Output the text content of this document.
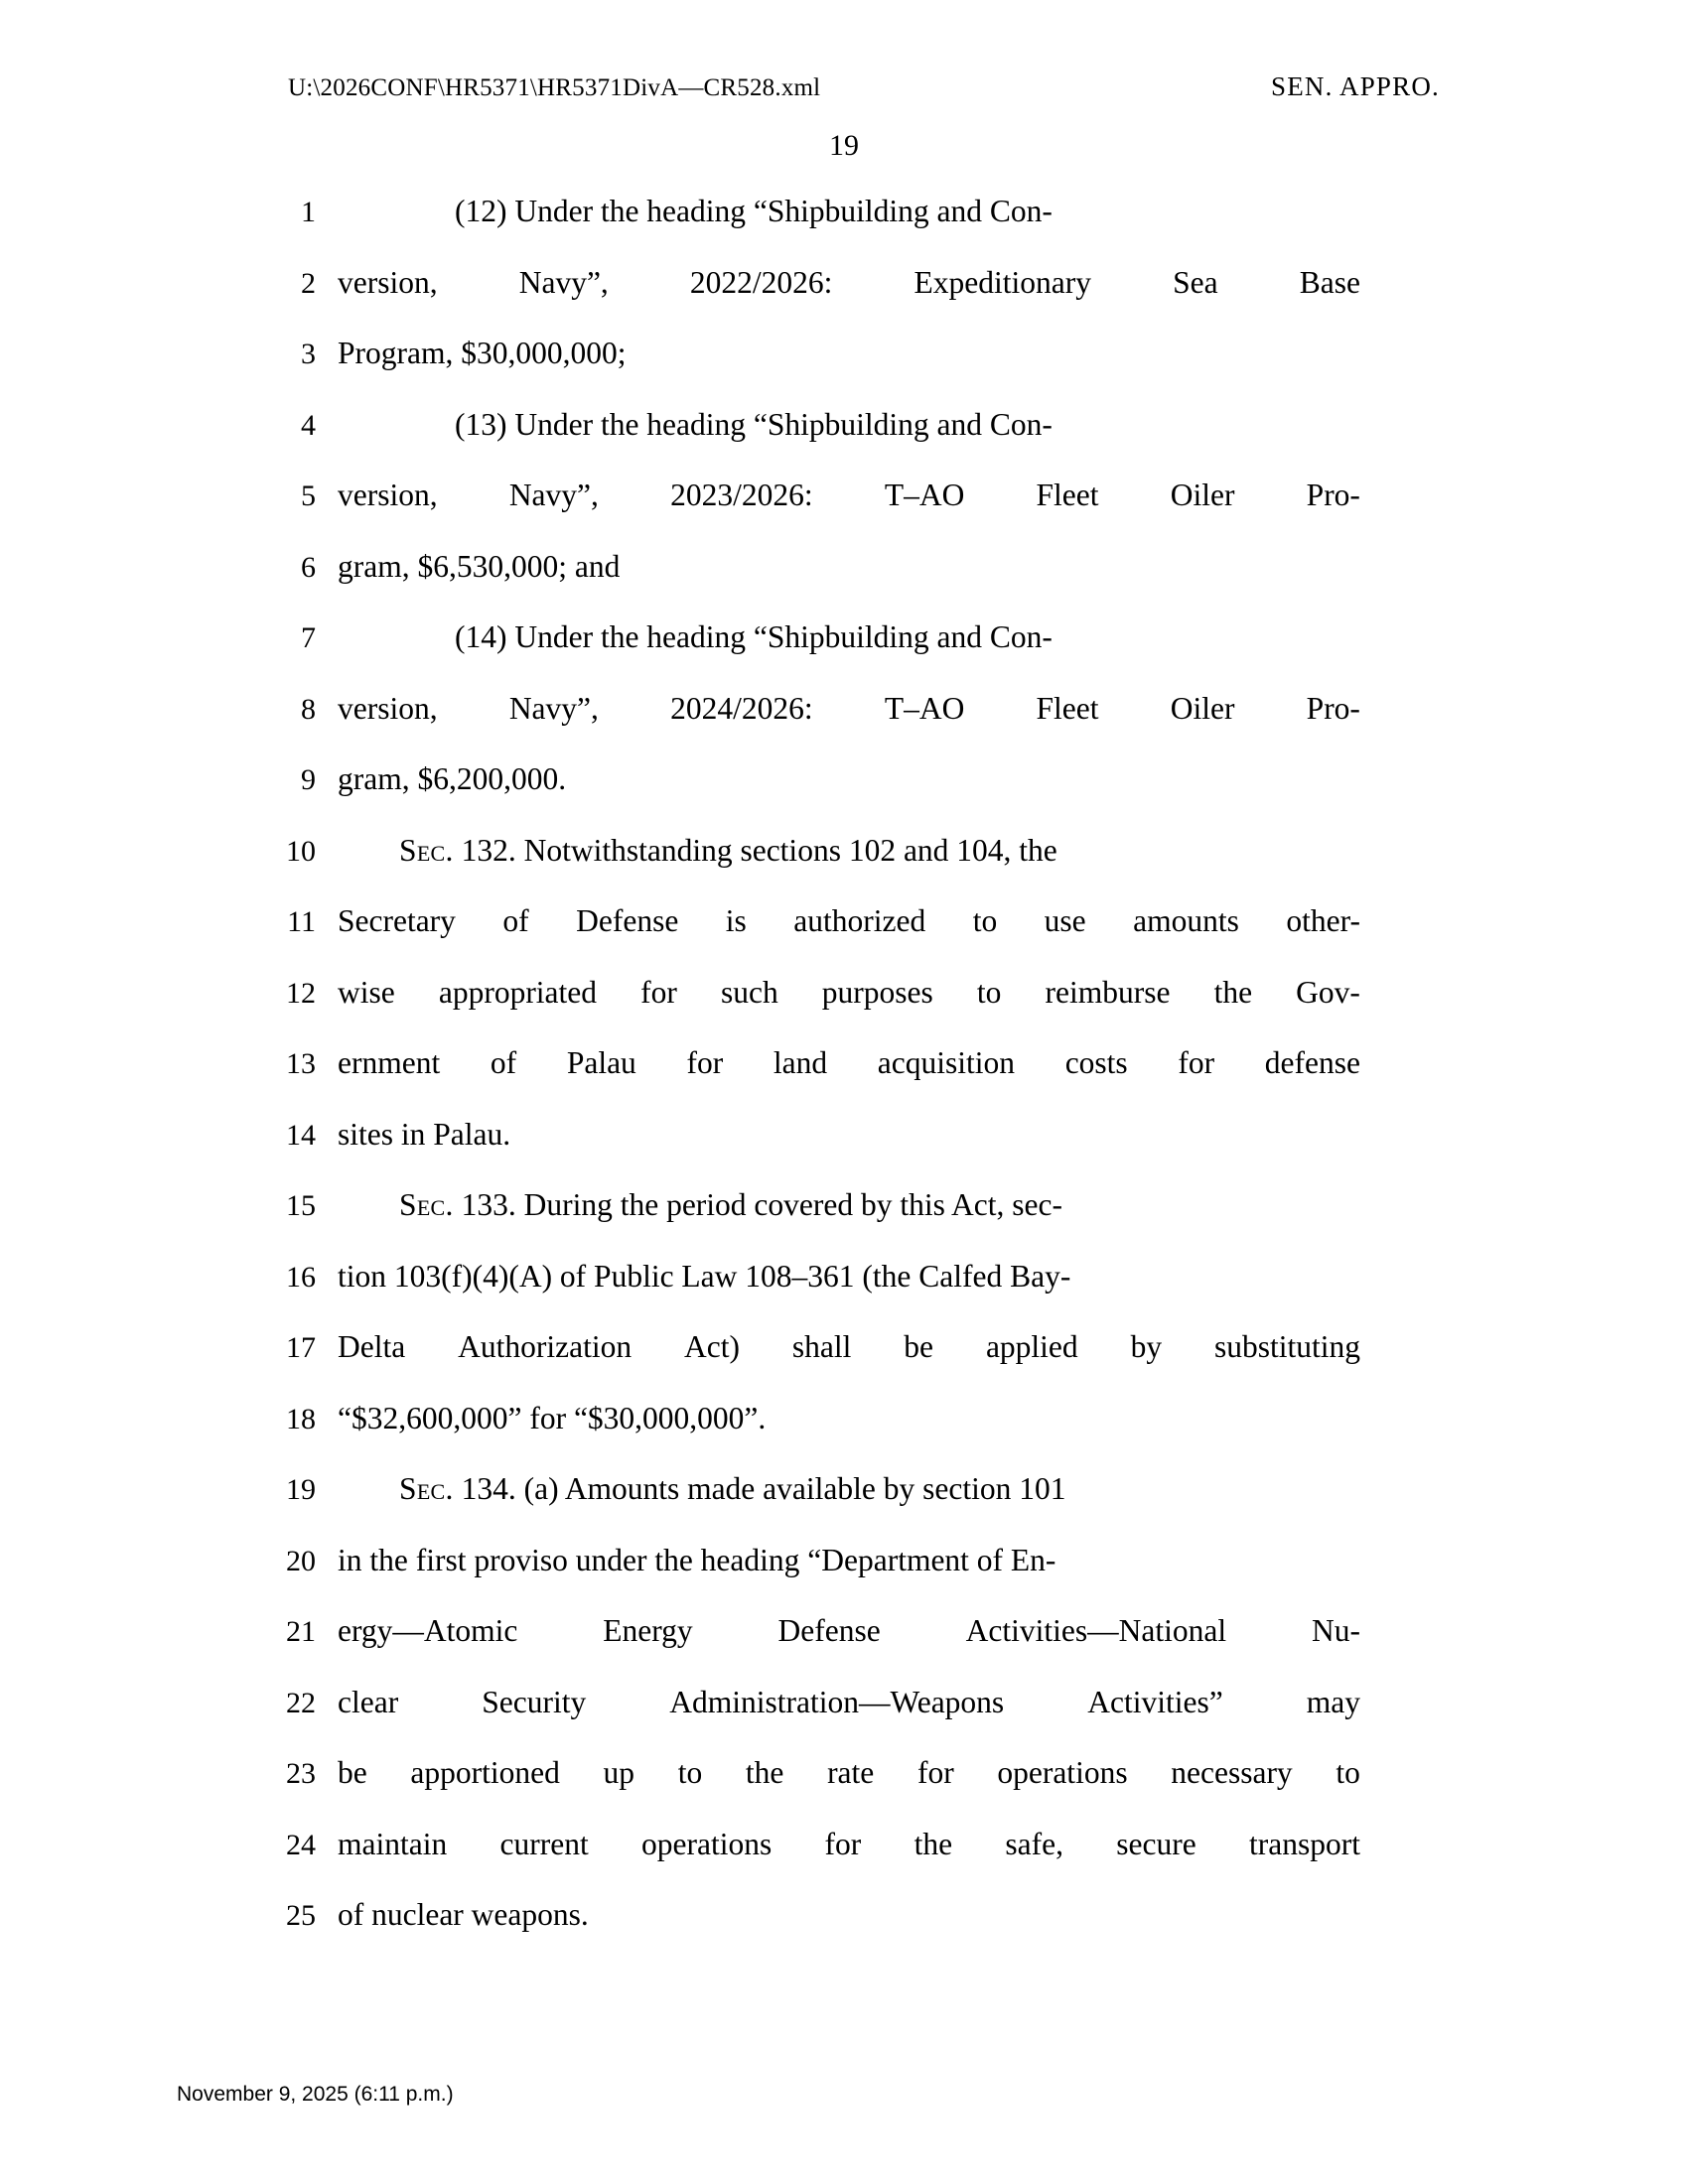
U:\2026CONF\HR5371\HR5371DivA—CR528.xml	SEN. APPRO.
19
1	(12) Under the heading “Shipbuilding and Con-
2 version,	Navy”,	2022/2026:	Expeditionary	Sea	Base
3 Program, $30,000,000;
4	(13) Under the heading “Shipbuilding and Con-
5 version, Navy”, 2023/2026: T–AO Fleet Oiler Pro-
6 gram, $6,530,000; and
7	(14) Under the heading “Shipbuilding and Con-
8 version, Navy”, 2024/2026: T–AO Fleet Oiler Pro-
9 gram, $6,200,000.
10	Sec. 132. Notwithstanding sections 102 and 104, the
11 Secretary of Defense is authorized to use amounts other-
12 wise appropriated for such purposes to reimburse the Gov-
13 ernment of Palau for land acquisition costs for defense
14 sites in Palau.
15	Sec. 133. During the period covered by this Act, sec-
16 tion 103(f)(4)(A) of Public Law 108–361 (the Calfed Bay-
17 Delta Authorization Act) shall be applied by substituting
18 “$32,600,000” for “$30,000,000”.
19	Sec. 134. (a) Amounts made available by section 101
20 in the first proviso under the heading “Department of En-
21 ergy—Atomic	Energy	Defense	Activities—National	Nu-
22 clear	Security	Administration—Weapons	Activities”	may
23 be apportioned up to the rate for operations necessary to
24 maintain current operations for the safe, secure transport
25 of nuclear weapons.
November 9, 2025 (6:11 p.m.)
